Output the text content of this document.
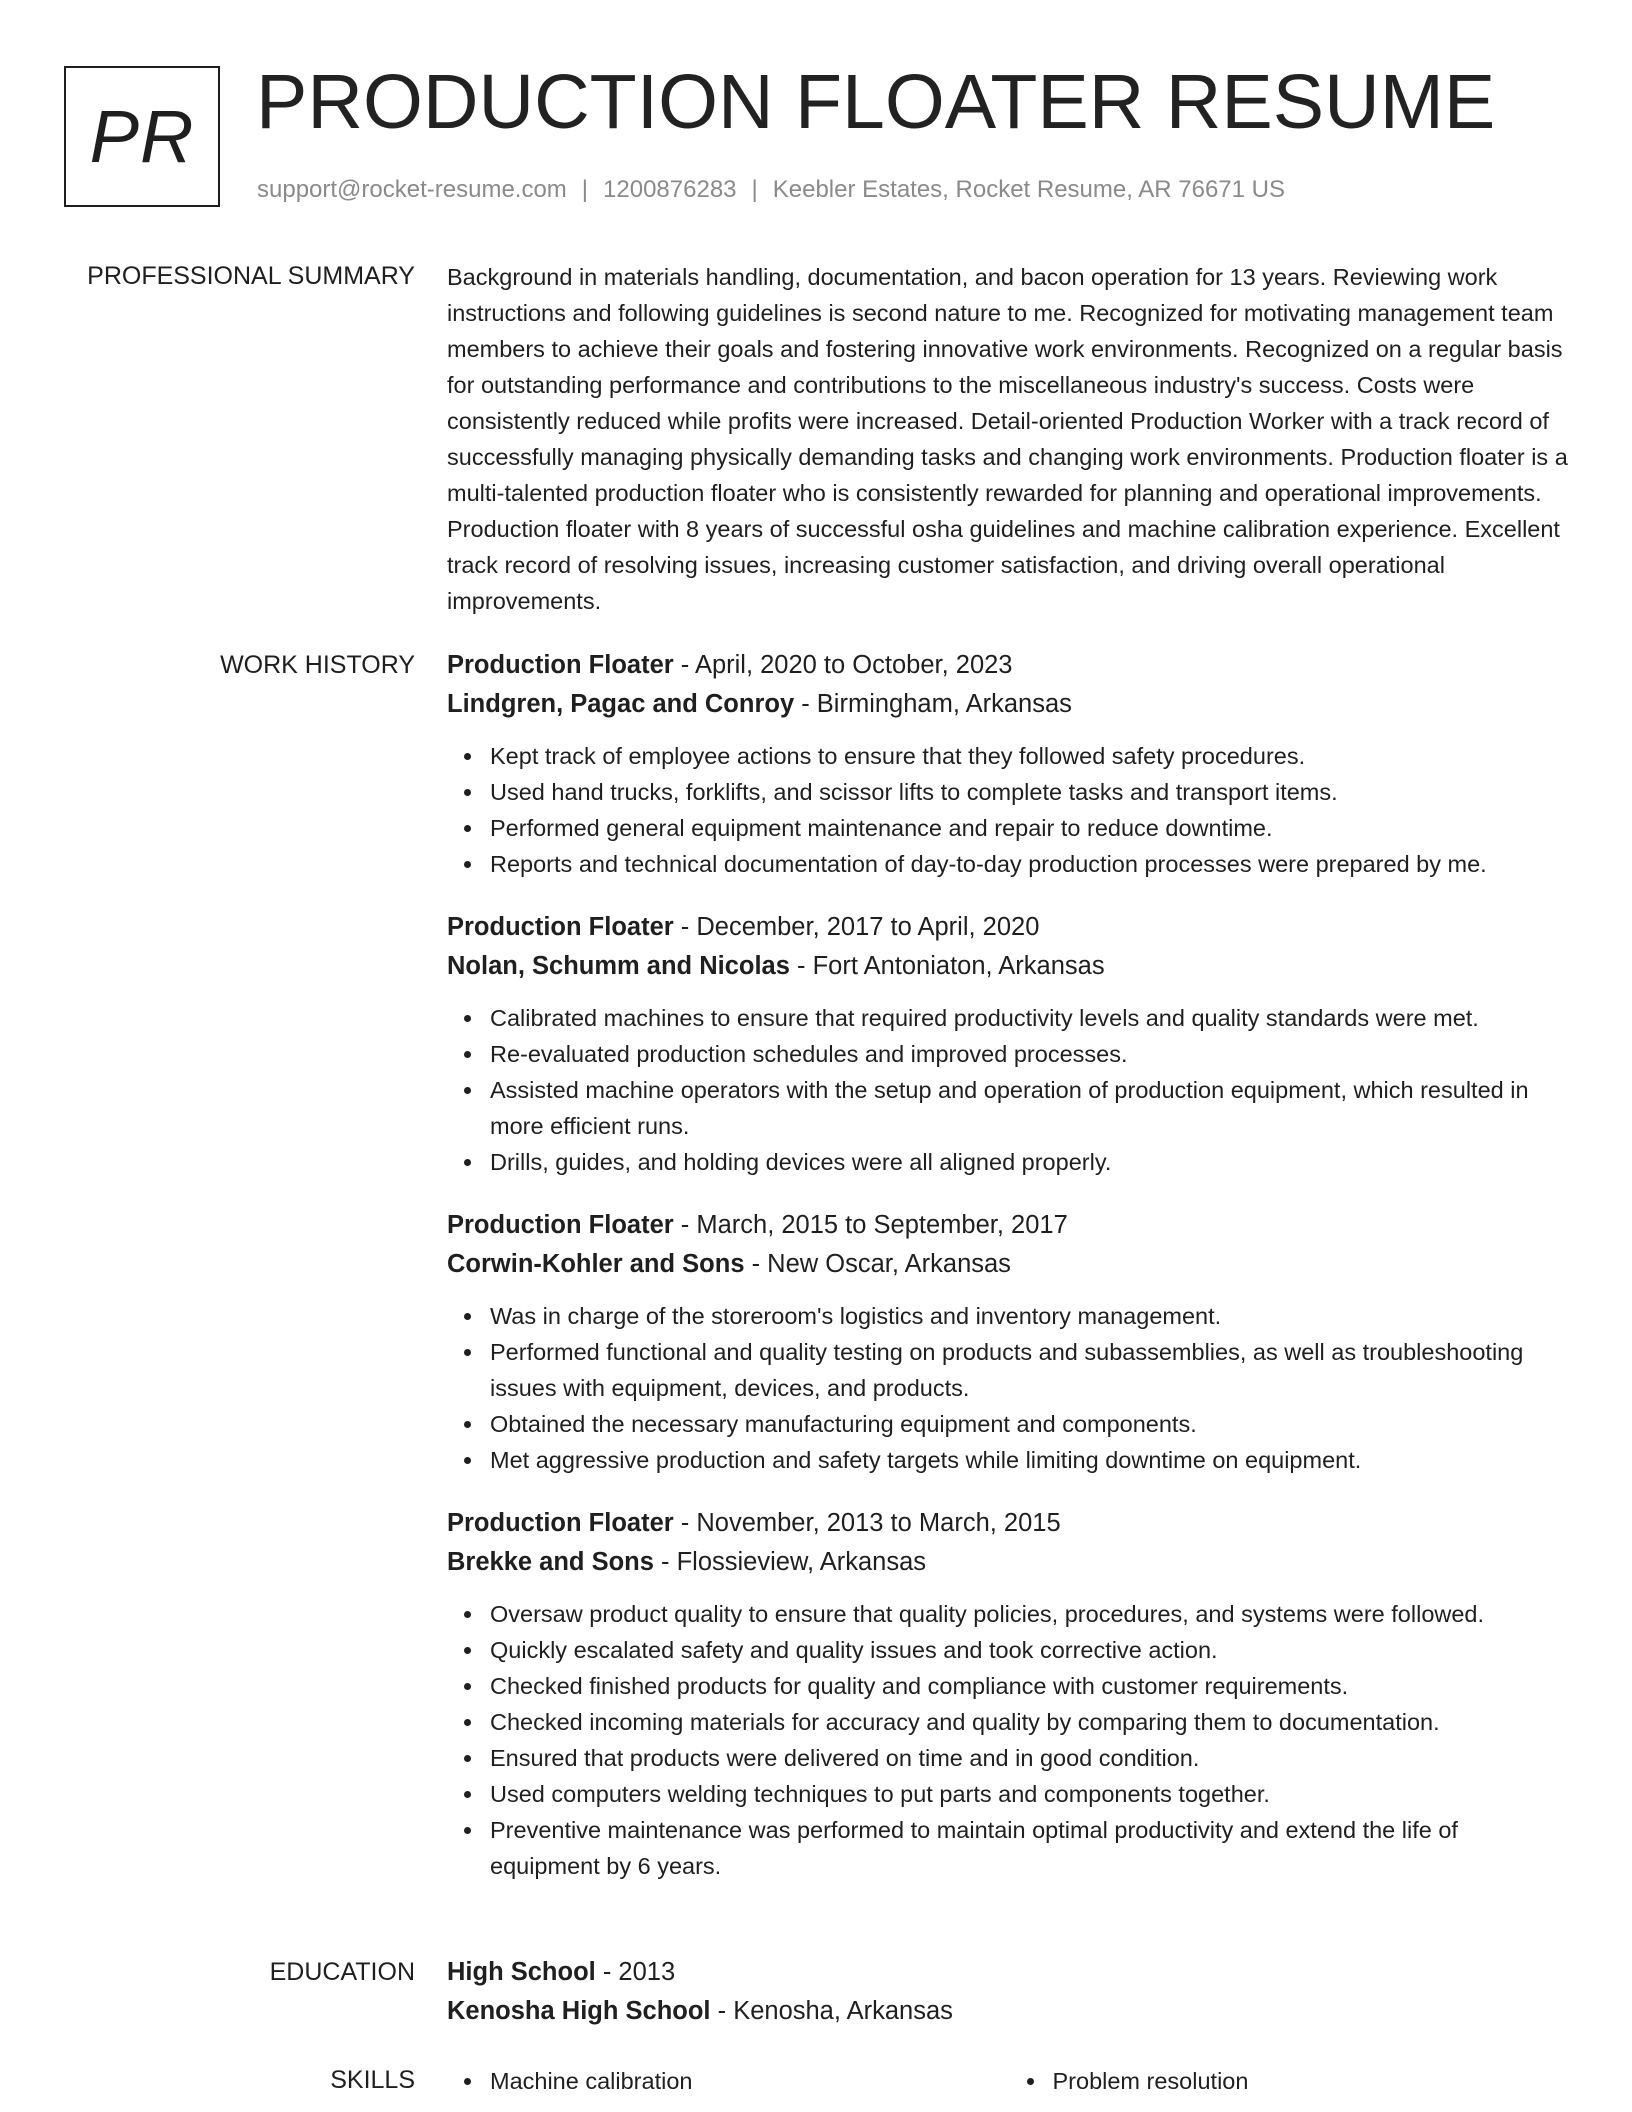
PR PRODUCTION FLOATER RESUME
support@rocket-resume.com | 1200876283 | Keebler Estates, Rocket Resume, AR 76671 US
PROFESSIONAL SUMMARY Background in materials handling, documentation, and bacon operation for 13 years. Reviewing work instructions and following guidelines is second nature to me. Recognized for motivating management team members to achieve their goals and fostering innovative work environments. Recognized on a regular basis for outstanding performance and contributions to the miscellaneous industry's success. Costs were consistently reduced while profits were increased. Detail-oriented Production Worker with a track record of successfully managing physically demanding tasks and changing work environments. Production floater is a multi-talented production floater who is consistently rewarded for planning and operational improvements. Production floater with 8 years of successful osha guidelines and machine calibration experience. Excellent track record of resolving issues, increasing customer satisfaction, and driving overall operational improvements.

WORK HISTORY Production Floater - April, 2020 to October, 2023
Lindgren, Pagac and Conroy - Birmingham, Arkansas
Kept track of employee actions to ensure that they followed safety procedures.
Used hand trucks, forklifts, and scissor lifts to complete tasks and transport items.
Performed general equipment maintenance and repair to reduce downtime.
Reports and technical documentation of day-to-day production processes were prepared by me.
Production Floater - December, 2017 to April, 2020
Nolan, Schumm and Nicolas - Fort Antoniaton, Arkansas
Calibrated machines to ensure that required productivity levels and quality standards were met.
Re-evaluated production schedules and improved processes.
Assisted machine operators with the setup and operation of production equipment, which resulted in more efficient runs.
Drills, guides, and holding devices were all aligned properly.
Production Floater - March, 2015 to September, 2017
Corwin-Kohler and Sons - New Oscar, Arkansas
Was in charge of the storeroom's logistics and inventory management.
Performed functional and quality testing on products and subassemblies, as well as troubleshooting issues with equipment, devices, and products.
Obtained the necessary manufacturing equipment and components.
Met aggressive production and safety targets while limiting downtime on equipment.
Production Floater - November, 2013 to March, 2015
Brekke and Sons - Flossieview, Arkansas
Oversaw product quality to ensure that quality policies, procedures, and systems were followed.
Quickly escalated safety and quality issues and took corrective action.
Checked finished products for quality and compliance with customer requirements.
Checked incoming materials for accuracy and quality by comparing them to documentation.
Ensured that products were delivered on time and in good condition.
Used computers welding techniques to put parts and components together.
Preventive maintenance was performed to maintain optimal productivity and extend the life of equipment by 6 years.
EDUCATION High School - 2013
Kenosha High School - Kenosha, Arkansas
SKILLS	Machine calibration	Problem resolution
